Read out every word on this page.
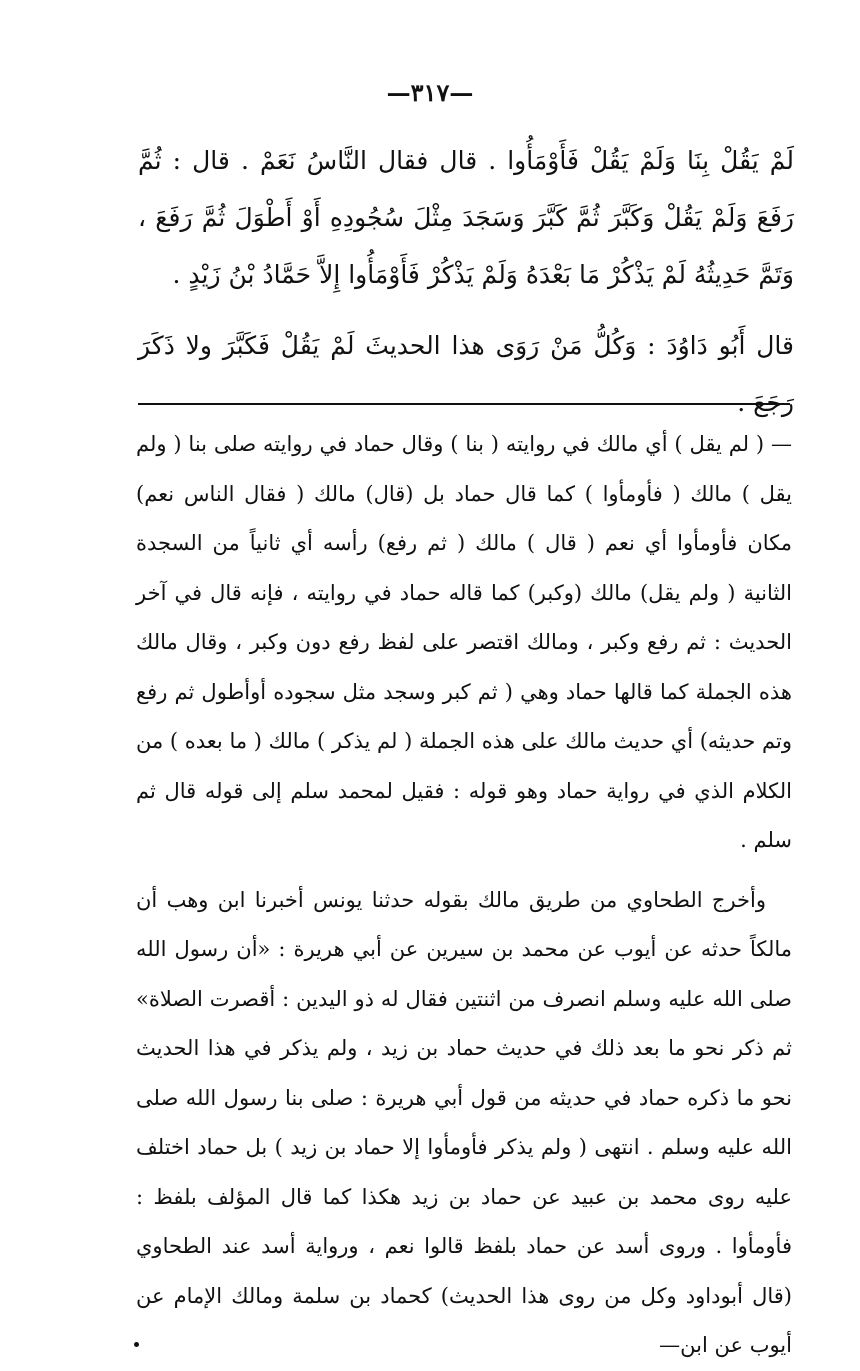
—٣١٧—

لَمْ يَقُلْ بِنَا وَلَمْ يَقُلْ فَأَوْمَأُوا . قال فقال النَّاسُ نَعَمْ . قال : ثُمَّ رَفَعَ وَلَمْ يَقُلْ وَكَبَّرَ ثُمَّ كَبَّرَ وَسَجَدَ مِثْلَ سُجُودِهِ أَوْ أَطْوَلَ ثُمَّ رَفَعَ ، وَتَمَّ حَدِيثُهُ لَمْ يَذْكُرْ مَا بَعْدَهُ وَلَمْ يَذْكُرْ فَأَوْمَأُوا إِلاَّ حَمَّادُ بْنُ زَيْدٍ .

قال أَبُو دَاوُدَ : وَكُلُّ مَنْ رَوَى هذا الحديثَ لَمْ يَقُلْ فَكَبَّرَ ولا ذَكَرَ رَجَعَ .

— ( لم يقل ) أي مالك في روايته ( بنا ) وقال حماد في روايته صلى بنا ( ولم يقل ) مالك ( فأومأوا ) كما قال حماد بل (قال) مالك ( فقال الناس نعم) مكان فأومأوا أي نعم ( قال ) مالك ( ثم رفع) رأسه أي ثانياً من السجدة الثانية ( ولم يقل) مالك (وكبر) كما قاله حماد في روايته ، فإنه قال في آخر الحديث : ثم رفع وكبر ، ومالك اقتصر على لفظ رفع دون وكبر ، وقال مالك هذه الجملة كما قالها حماد وهي ( ثم كبر وسجد مثل سجوده أوأطول ثم رفع وتم حديثه) أي حديث مالك على هذه الجملة ( لم يذكر ) مالك ( ما بعده ) من الكلام الذي في رواية حماد وهو قوله : فقيل لمحمد سلم إلى قوله قال ثم سلم .

وأخرج الطحاوي من طريق مالك بقوله حدثنا يونس أخبرنا ابن وهب أن مالكاً حدثه عن أيوب عن محمد بن سيرين عن أبي هريرة : «أن رسول الله صلى الله عليه وسلم انصرف من اثنتين فقال له ذو اليدين : أقصرت الصلاة» ثم ذكر نحو ما بعد ذلك في حديث حماد بن زيد ، ولم يذكر في هذا الحديث نحو ما ذكره حماد في حديثه من قول أبي هريرة : صلى بنا رسول الله صلى الله عليه وسلم . انتهى ( ولم يذكر فأومأوا إلا حماد بن زيد ) بل حماد اختلف عليه روى محمد بن عبيد عن حماد بن زيد هكذا كما قال المؤلف بلفظ : فأومأوا . وروى أسد عن حماد بلفظ قالوا نعم ، ورواية أسد عند الطحاوي (قال أبوداود وكل من روى هذا الحديث) كحماد بن سلمة ومالك الإمام عن أيوب عن ابن—
